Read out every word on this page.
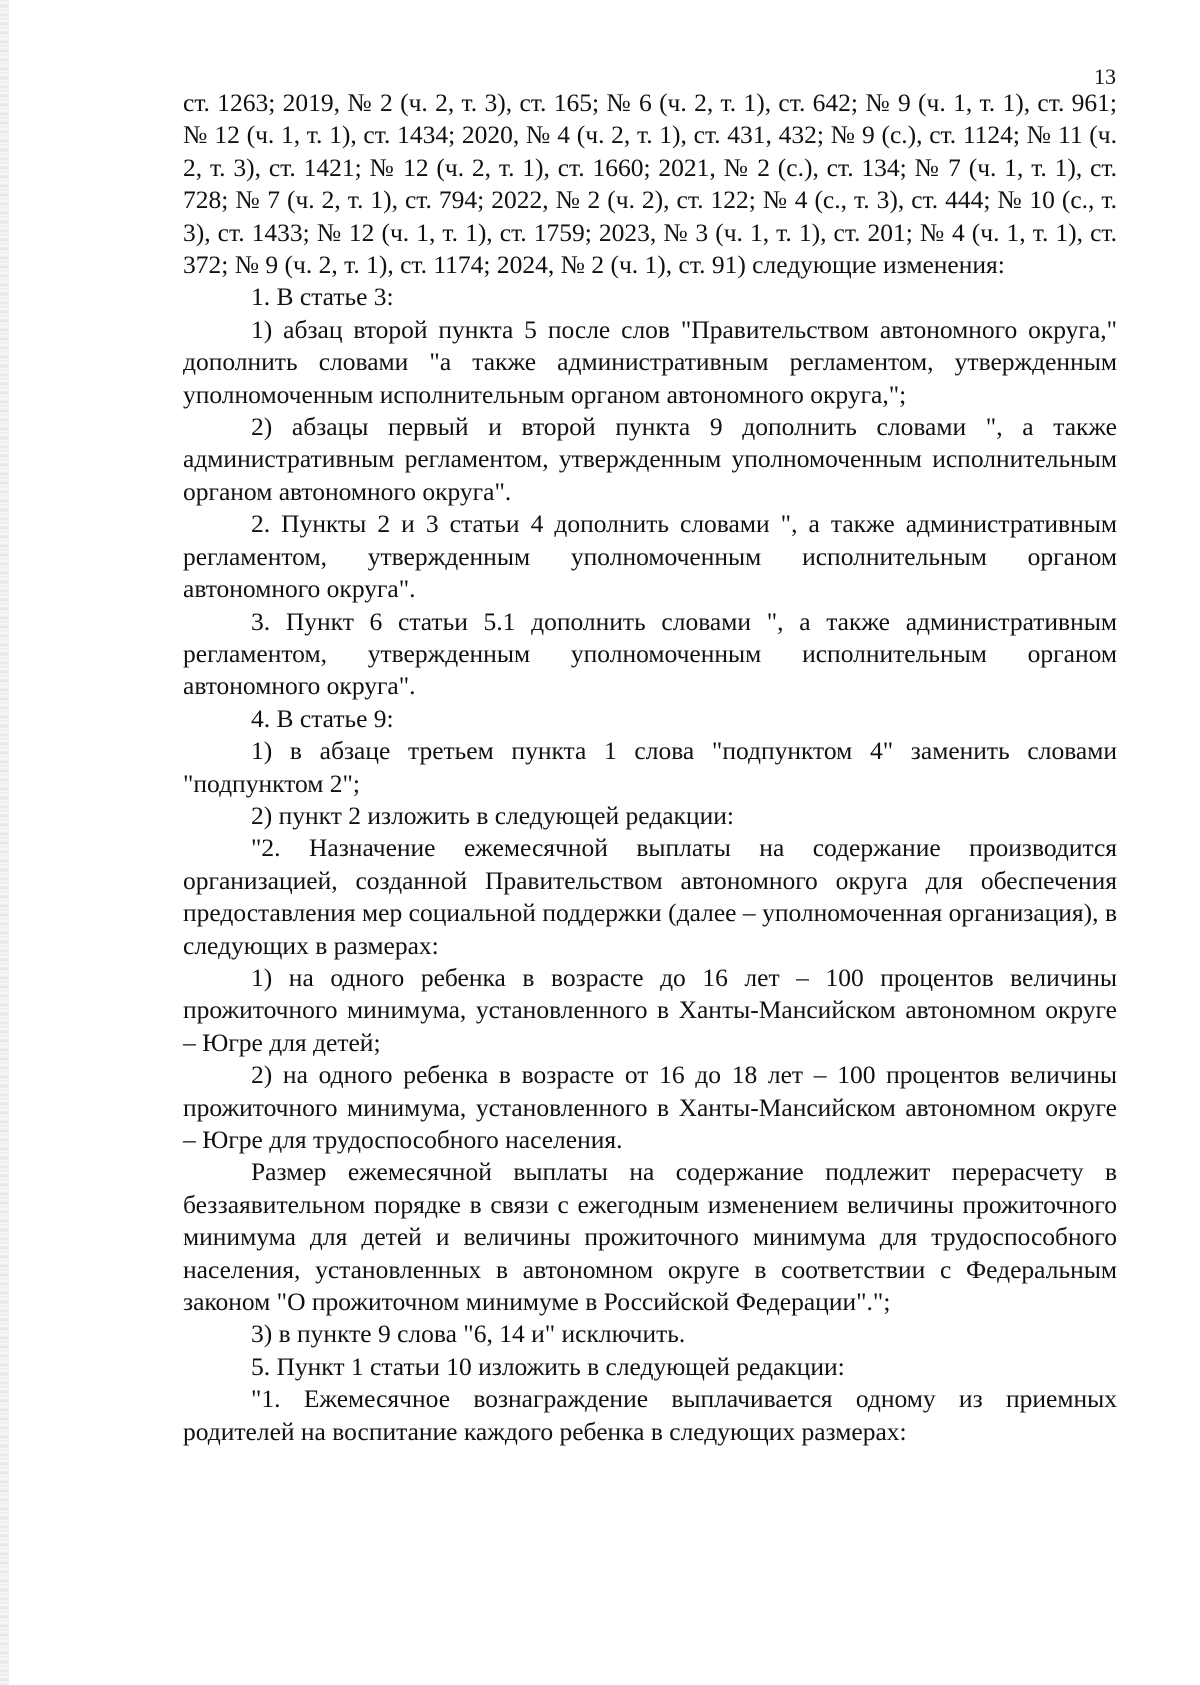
13

ст. 1263; 2019, № 2 (ч. 2, т. 3), ст. 165; № 6 (ч. 2, т. 1), ст. 642; № 9 (ч. 1, т. 1), ст. 961; № 12 (ч. 1, т. 1), ст. 1434; 2020, № 4 (ч. 2, т. 1), ст. 431, 432; № 9 (с.), ст. 1124; № 11 (ч. 2, т. 3), ст. 1421; № 12 (ч. 2, т. 1), ст. 1660; 2021, № 2 (с.), ст. 134; № 7 (ч. 1, т. 1), ст. 728; № 7 (ч. 2, т. 1), ст. 794; 2022, № 2 (ч. 2), ст. 122; № 4 (с., т. 3), ст. 444; № 10 (с., т. 3), ст. 1433; № 12 (ч. 1, т. 1), ст. 1759; 2023, № 3 (ч. 1, т. 1), ст. 201; № 4 (ч. 1, т. 1), ст. 372; № 9 (ч. 2, т. 1), ст. 1174; 2024, № 2 (ч. 1), ст. 91) следующие изменения:

1. В статье 3:

1) абзац второй пункта 5 после слов "Правительством автономного округа," дополнить словами "а также административным регламентом, утвержденным уполномоченным исполнительным органом автономного округа,";

2) абзацы первый и второй пункта 9 дополнить словами ", а также административным регламентом, утвержденным уполномоченным исполнительным органом автономного округа".

2. Пункты 2 и 3 статьи 4 дополнить словами ", а также административным регламентом, утвержденным уполномоченным исполнительным органом автономного округа".

3. Пункт 6 статьи 5.1 дополнить словами ", а также административным регламентом, утвержденным уполномоченным исполнительным органом автономного округа".

4. В статье 9:

1) в абзаце третьем пункта 1 слова "подпунктом 4" заменить словами "подпунктом 2";

2) пункт 2 изложить в следующей редакции:

"2. Назначение ежемесячной выплаты на содержание производится организацией, созданной Правительством автономного округа для обеспечения предоставления мер социальной поддержки (далее – уполномоченная организация), в следующих в размерах:

1) на одного ребенка в возрасте до 16 лет – 100 процентов величины прожиточного минимума, установленного в Ханты-Мансийском автономном округе – Югре для детей;

2) на одного ребенка в возрасте от 16 до 18 лет – 100 процентов величины прожиточного минимума, установленного в Ханты-Мансийском автономном округе – Югре для трудоспособного населения.

Размер ежемесячной выплаты на содержание подлежит перерасчету в беззаявительном порядке в связи с ежегодным изменением величины прожиточного минимума для детей и величины прожиточного минимума для трудоспособного населения, установленных в автономном округе в соответствии с Федеральным законом "О прожиточном минимуме в Российской Федерации".";

3) в пункте 9 слова "6, 14 и" исключить.

5. Пункт 1 статьи 10 изложить в следующей редакции:

"1. Ежемесячное вознаграждение выплачивается одному из приемных родителей на воспитание каждого ребенка в следующих размерах:
